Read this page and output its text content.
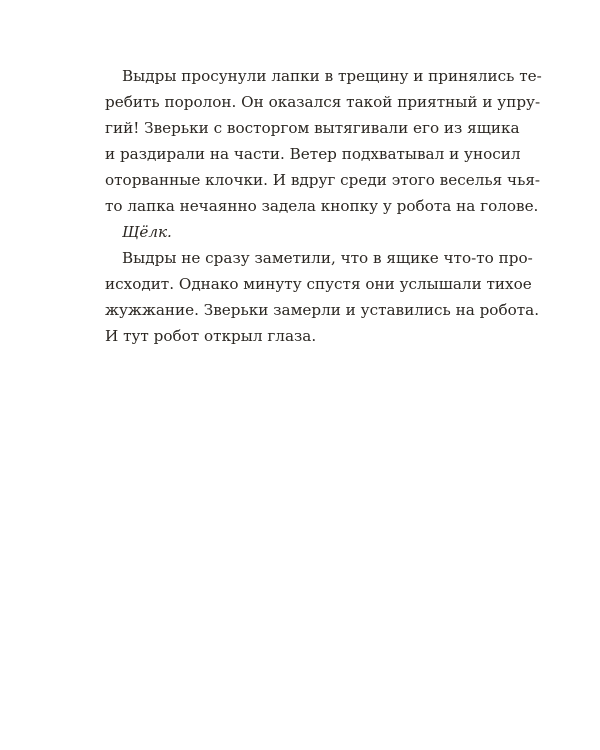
Выдры просунули лапки в трещину и принялись те-
ребить поролон. Он оказался такой приятный и упру-
гий! Зверьки с восторгом вытягивали его из ящика
и раздирали на части. Ветер подхватывал и уносил
оторванные клочки. И вдруг среди этого веселья чья-
то лапка нечаянно задела кнопку у робота на голове.

Щёлк.

Выдры не сразу заметили, что в ящике что-то про-
исходит. Однако минуту спустя они услышали тихое
жужжание. Зверьки замерли и уставились на робота.
И тут робот открыл глаза.
